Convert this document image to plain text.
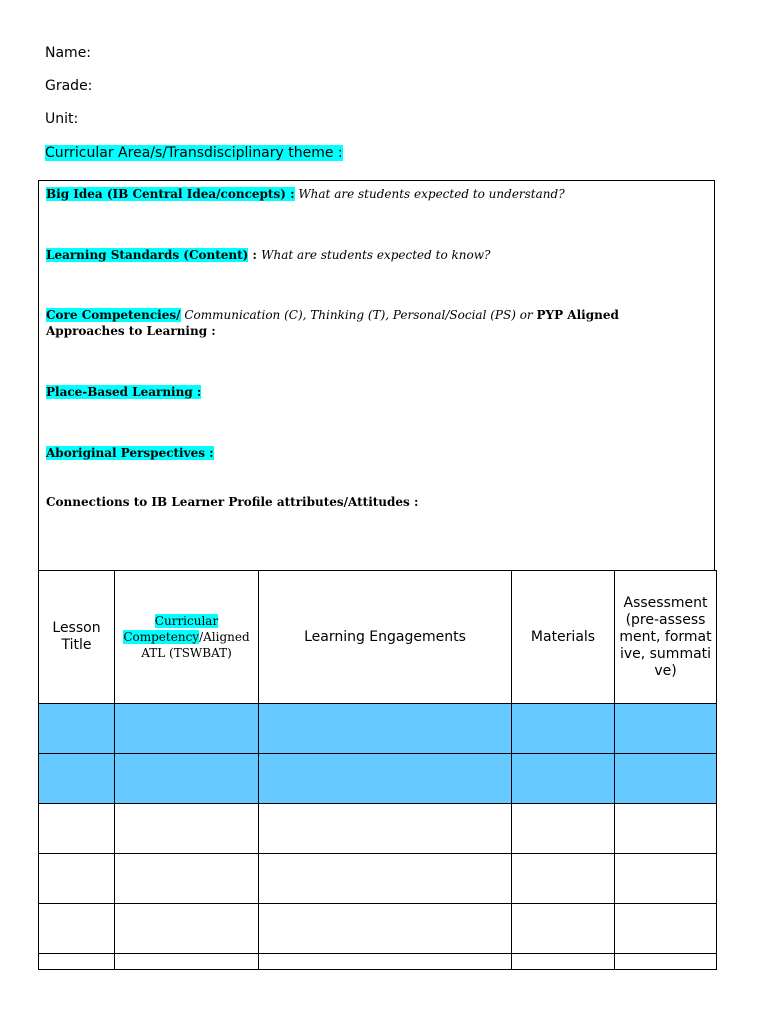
Name:
Grade:
Unit:
Curricular Area/s/Transdisciplinary theme :
Big Idea (IB Central Idea/concepts) : What are students expected to understand?
Learning Standards (Content) : What are students expected to know?
Core Competencies/ Communication (C), Thinking (T), Personal/Social (PS) or PYP Aligned Approaches to Learning :
Place-Based Learning :
Aboriginal Perspectives :
Connections to IB Learner Profile attributes/Attitudes :
Lesson Title	Curricular Competency/Aligned ATL (TSWBAT)	Learning Engagements	Materials	Assessment (pre-assessment, formative, summative)
